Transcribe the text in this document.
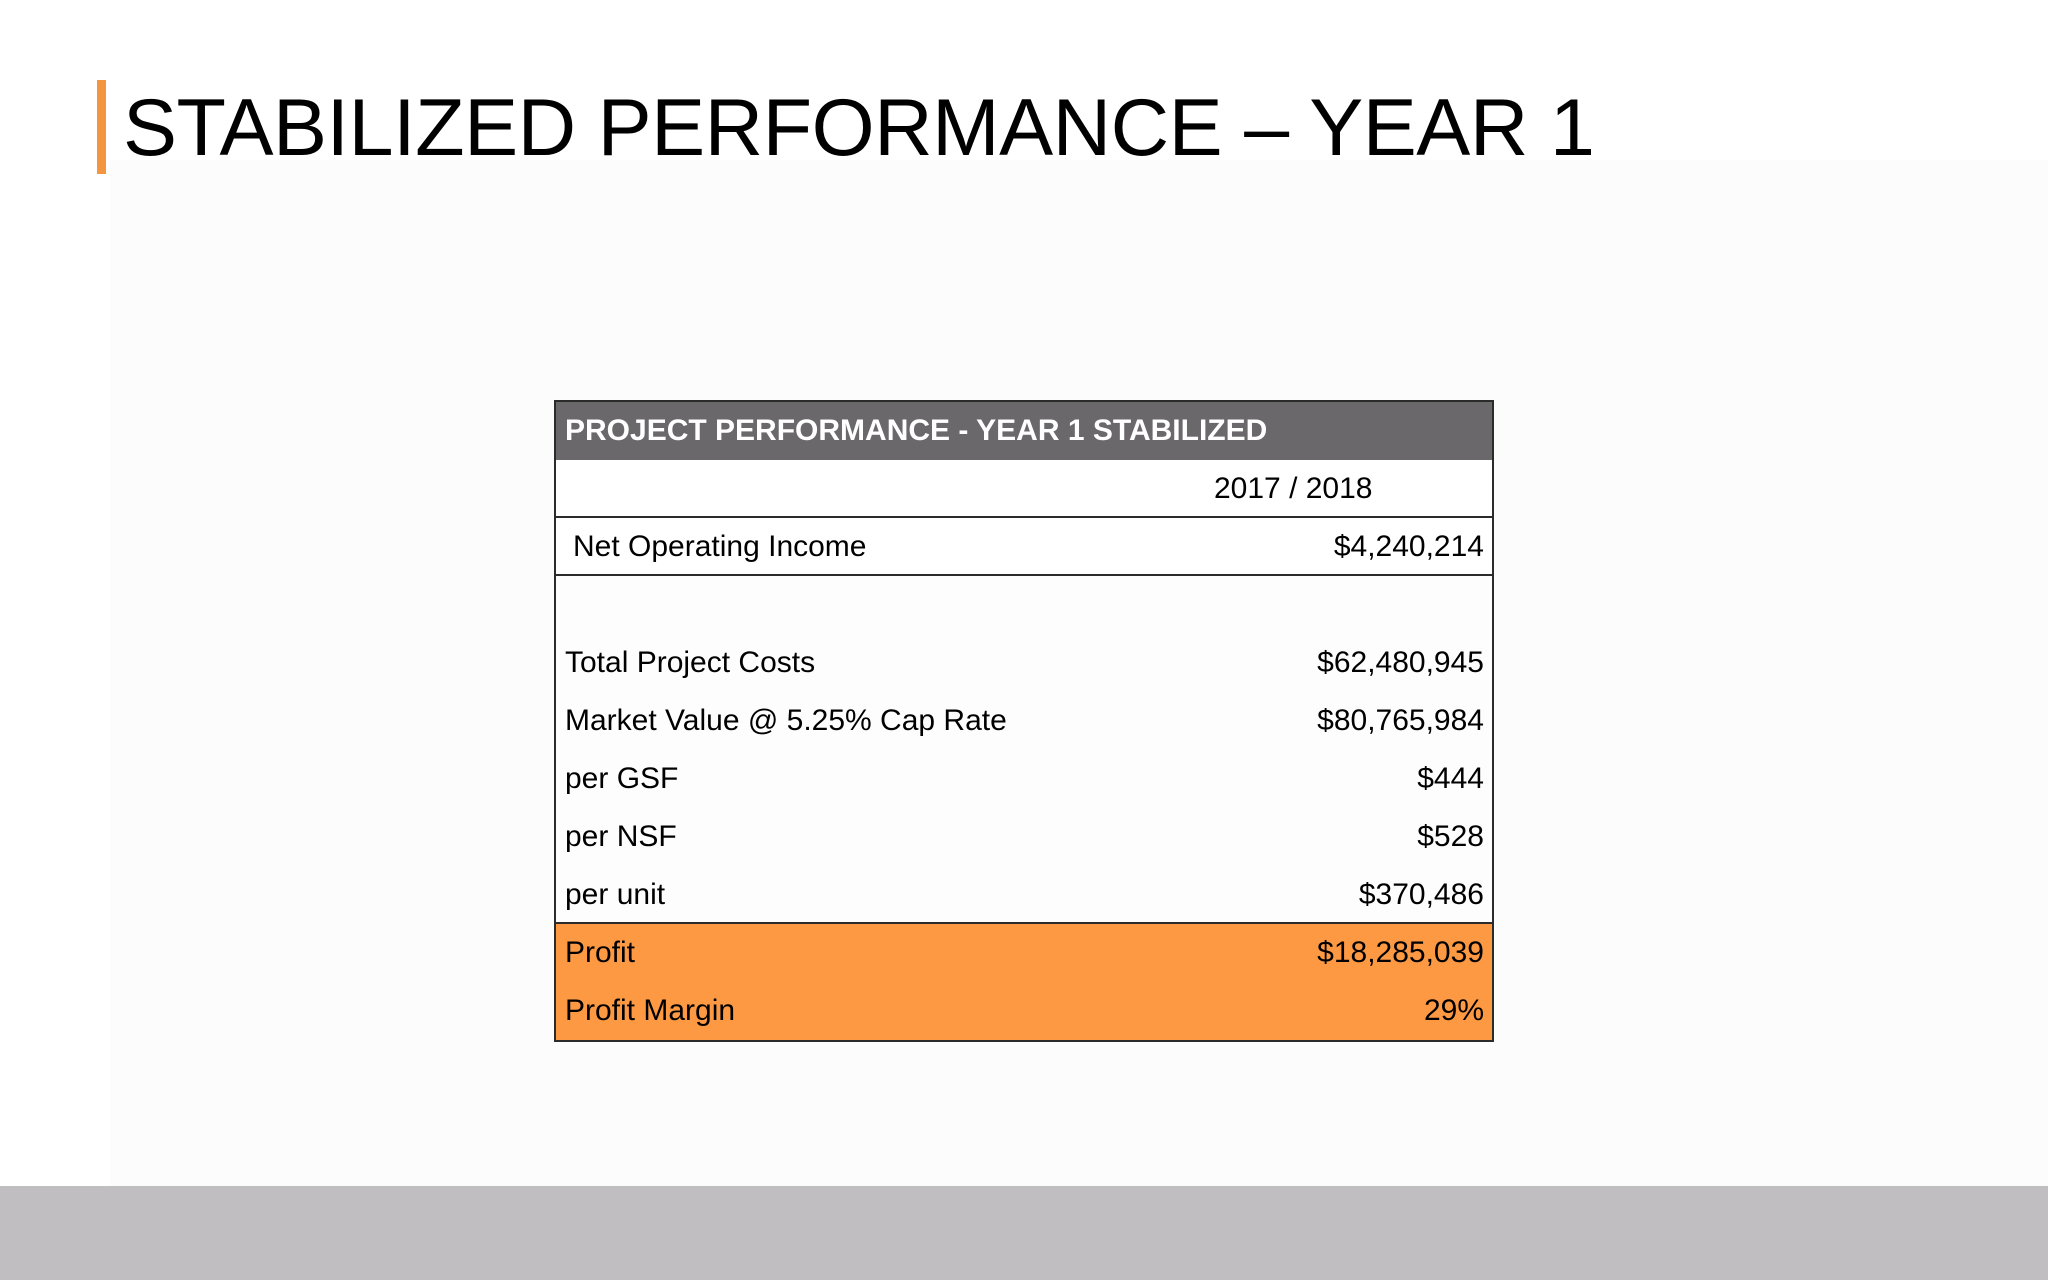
STABILIZED PERFORMANCE – YEAR 1
PROJECT PERFORMANCE - YEAR 1 STABILIZED
2017 / 2018
Net Operating Income	$4,240,214
Total Project Costs	$62,480,945
Market Value @ 5.25% Cap Rate	$80,765,984
per GSF	$444
per NSF	$528
per unit	$370,486
Profit	$18,285,039
Profit Margin	29%
